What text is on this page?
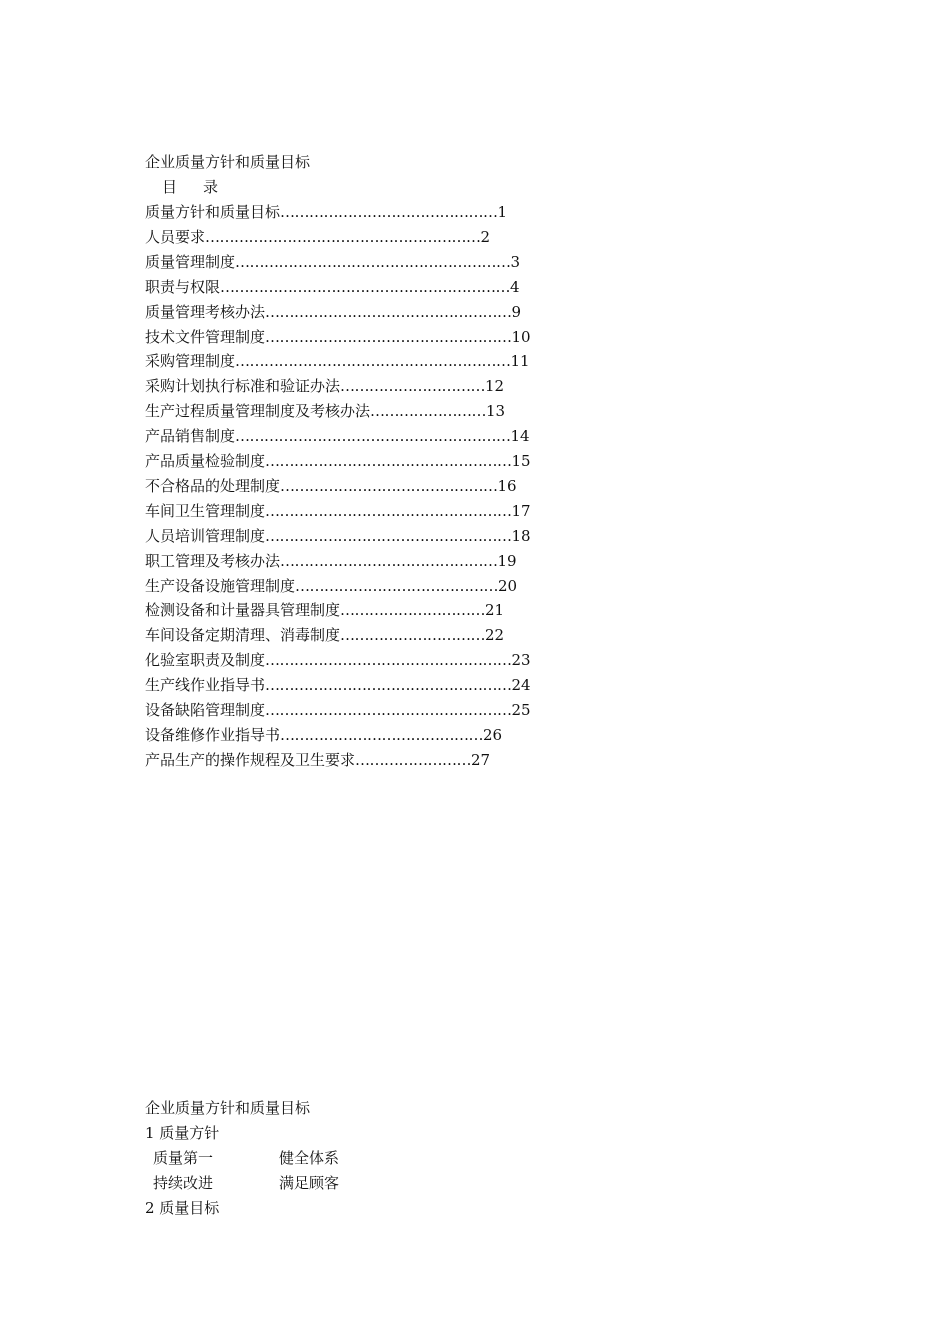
企业质量方针和质量目标
目 录
质量方针和质量目标………………………………………1
人员要求…………………………………………………2
质量管理制度…………………………………………………3
职责与权限……………………………………………………4
质量管理考核办法……………………………………………9
技术文件管理制度……………………………………………10
采购管理制度…………………………………………………11
采购计划执行标准和验证办法…………………………12
生产过程质量管理制度及考核办法……………………13
产品销售制度…………………………………………………14
产品质量检验制度……………………………………………15
不合格品的处理制度………………………………………16
车间卫生管理制度……………………………………………17
人员培训管理制度……………………………………………18
职工管理及考核办法………………………………………19
生产设备设施管理制度……………………………………20
检测设备和计量器具管理制度…………………………21
车间设备定期清理、消毒制度…………………………22
化验室职责及制度……………………………………………23
生产线作业指导书……………………………………………24
设备缺陷管理制度……………………………………………25
设备维修作业指导书……………………………………26
产品生产的操作规程及卫生要求……………………27
企业质量方针和质量目标
1 质量方针
质量第一	健全体系
持续改进	满足顾客
2 质量目标
